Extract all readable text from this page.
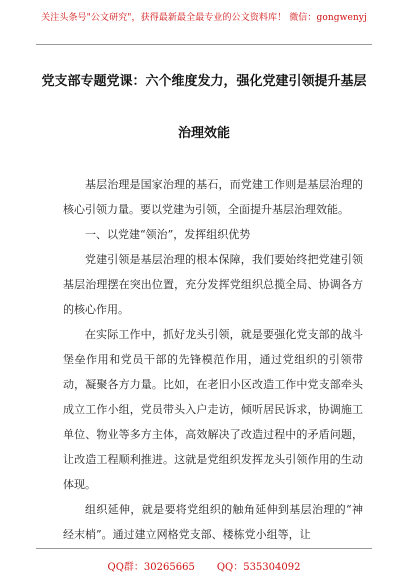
关注头条号"公文研究"，获得最新最全最专业的公文资料库！ 微信：gongwenyj
党支部专题党课：六个维度发力，强化党建引领提升基层
治理效能

基层治理是国家治理的基石，而党建工作则是基层治理的核心引领力量。要以党建为引领，全面提升基层治理效能。

一、以党建“领治”，发挥组织优势

党建引领是基层治理的根本保障，我们要始终把党建引领基层治理摆在突出位置，充分发挥党组织总揽全局、协调各方的核心作用。

在实际工作中，抓好龙头引领，就是要强化党支部的战斗堡垒作用和党员干部的先锋模范作用，通过党组织的引领带动，凝聚各方力量。比如，在老旧小区改造工作中党支部牵头成立工作小组，党员带头入户走访，倾听居民诉求，协调施工单位、物业等多方主体，高效解决了改造过程中的矛盾问题，让改造工程顺利推进。这就是党组织发挥龙头引领作用的生动体现。

组织延伸，就是要将党组织的触角延伸到基层治理的“神经末梢”。通过建立网格党支部、楼栋党小组等，让

QQ群：30265665 QQ：535304092
